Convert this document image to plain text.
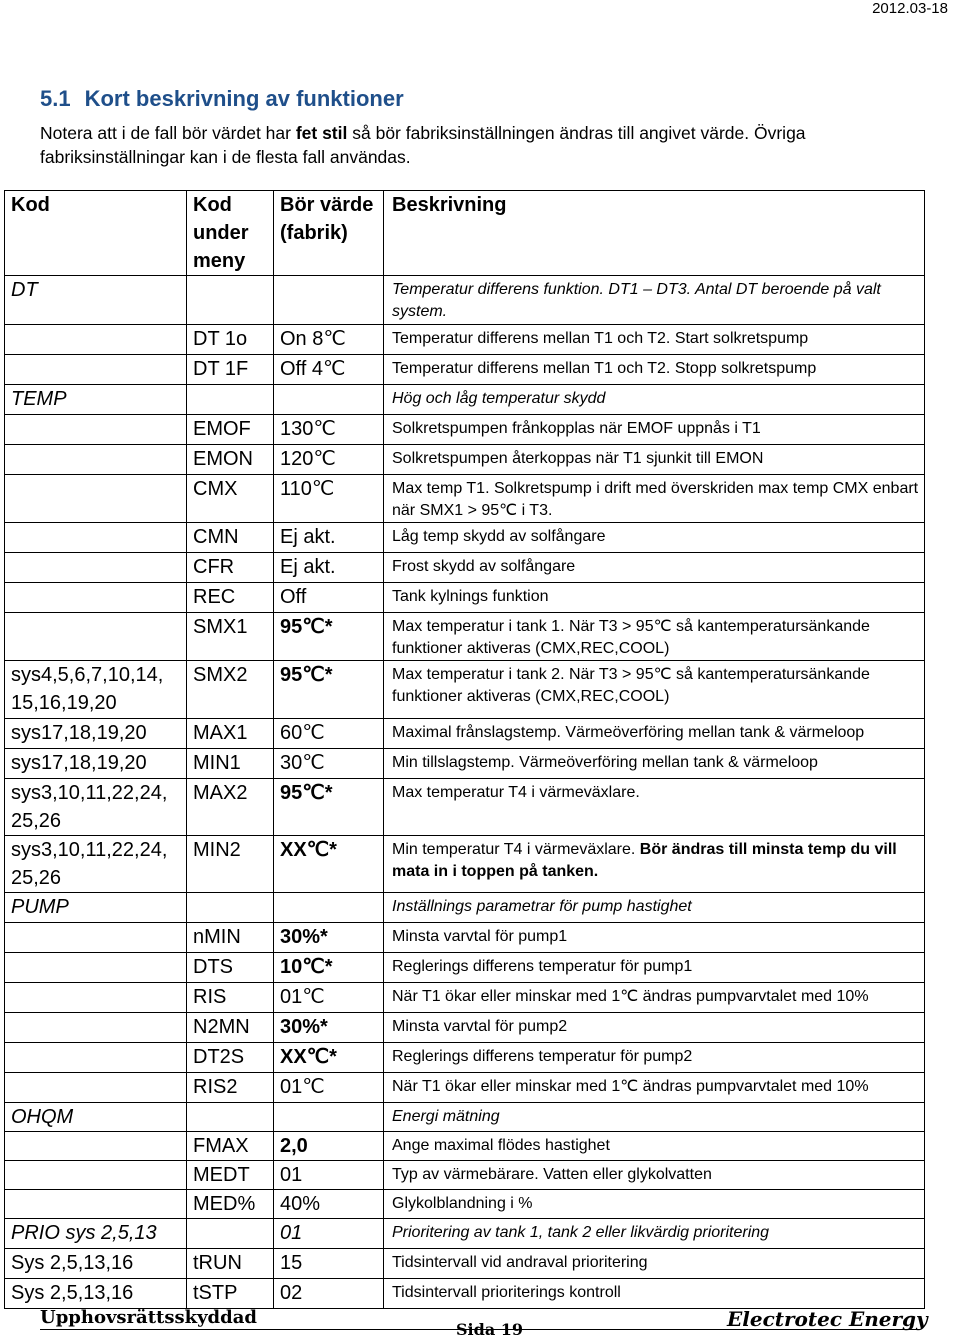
2012.03-18
5.1 Kort beskrivning av funktioner
Notera att i de fall bör värdet har fet stil så bör fabriksinställningen ändras till angivet värde. Övriga fabriksinställningar kan i de flesta fall användas.
Kod	Kod under meny	Bör värde (fabrik)	Beskrivning
DT			Temperatur differens funktion. DT1 – DT3. Antal DT beroende på valt system.
	DT 1o	On 8℃	Temperatur differens mellan T1 och T2. Start solkretspump
	DT 1F	Off 4℃	Temperatur differens mellan T1 och T2. Stopp solkretspump
TEMP			Hög och låg temperatur skydd
	EMOF	130℃	Solkretspumpen frånkopplas när EMOF uppnås i T1
	EMON	120℃	Solkretspumpen återkoppas när T1 sjunkit till EMON
	CMX	110℃	Max temp T1. Solkretspump i drift med överskriden max temp CMX enbart när SMX1 > 95℃ i T3.
	CMN	Ej akt.	Låg temp skydd av solfångare
	CFR	Ej akt.	Frost skydd av solfångare
	REC	Off	Tank kylnings funktion
	SMX1	95℃*	Max temperatur i tank 1. När T3 > 95℃ så kantemperatursänkande funktioner aktiveras (CMX,REC,COOL)
sys4,5,6,7,10,14, 15,16,19,20	SMX2	95℃*	Max temperatur i tank 2. När T3 > 95℃ så kantemperatursänkande funktioner aktiveras (CMX,REC,COOL)
sys17,18,19,20	MAX1	60℃	Maximal frånslagstemp. Värmeöverföring mellan tank & värmeloop
sys17,18,19,20	MIN1	30℃	Min tillslagstemp. Värmeöverföring mellan tank & värmeloop
sys3,10,11,22,24, 25,26	MAX2	95℃*	Max temperatur T4 i värmeväxlare.
sys3,10,11,22,24, 25,26	MIN2	XX℃*	Min temperatur T4 i värmeväxlare. Bör ändras till minsta temp du vill mata in i toppen på tanken.
PUMP			Inställnings parametrar för pump hastighet
	nMIN	30%*	Minsta varvtal för pump1
	DTS	10℃*	Reglerings differens temperatur för pump1
	RIS	01℃	När T1 ökar eller minskar med 1℃ ändras pumpvarvtalet med 10%
	N2MN	30%*	Minsta varvtal för pump2
	DT2S	XX℃*	Reglerings differens temperatur för pump2
	RIS2	01℃	När T1 ökar eller minskar med 1℃ ändras pumpvarvtalet med 10%
OHQM			Energi mätning
	FMAX	2,0	Ange maximal flödes hastighet
	MEDT	01	Typ av värmebärare. Vatten eller glykolvatten
	MED%	40%	Glykolblandning i %
PRIO sys 2,5,13		01	Prioritering av tank 1, tank 2 eller likvärdig prioritering
Sys 2,5,13,16	tRUN	15	Tidsintervall vid andraval prioritering
Sys 2,5,13,16	tSTP	02	Tidsintervall prioriterings kontroll
Upphovsrättsskyddad
Sida 19	Electrotec Energy
